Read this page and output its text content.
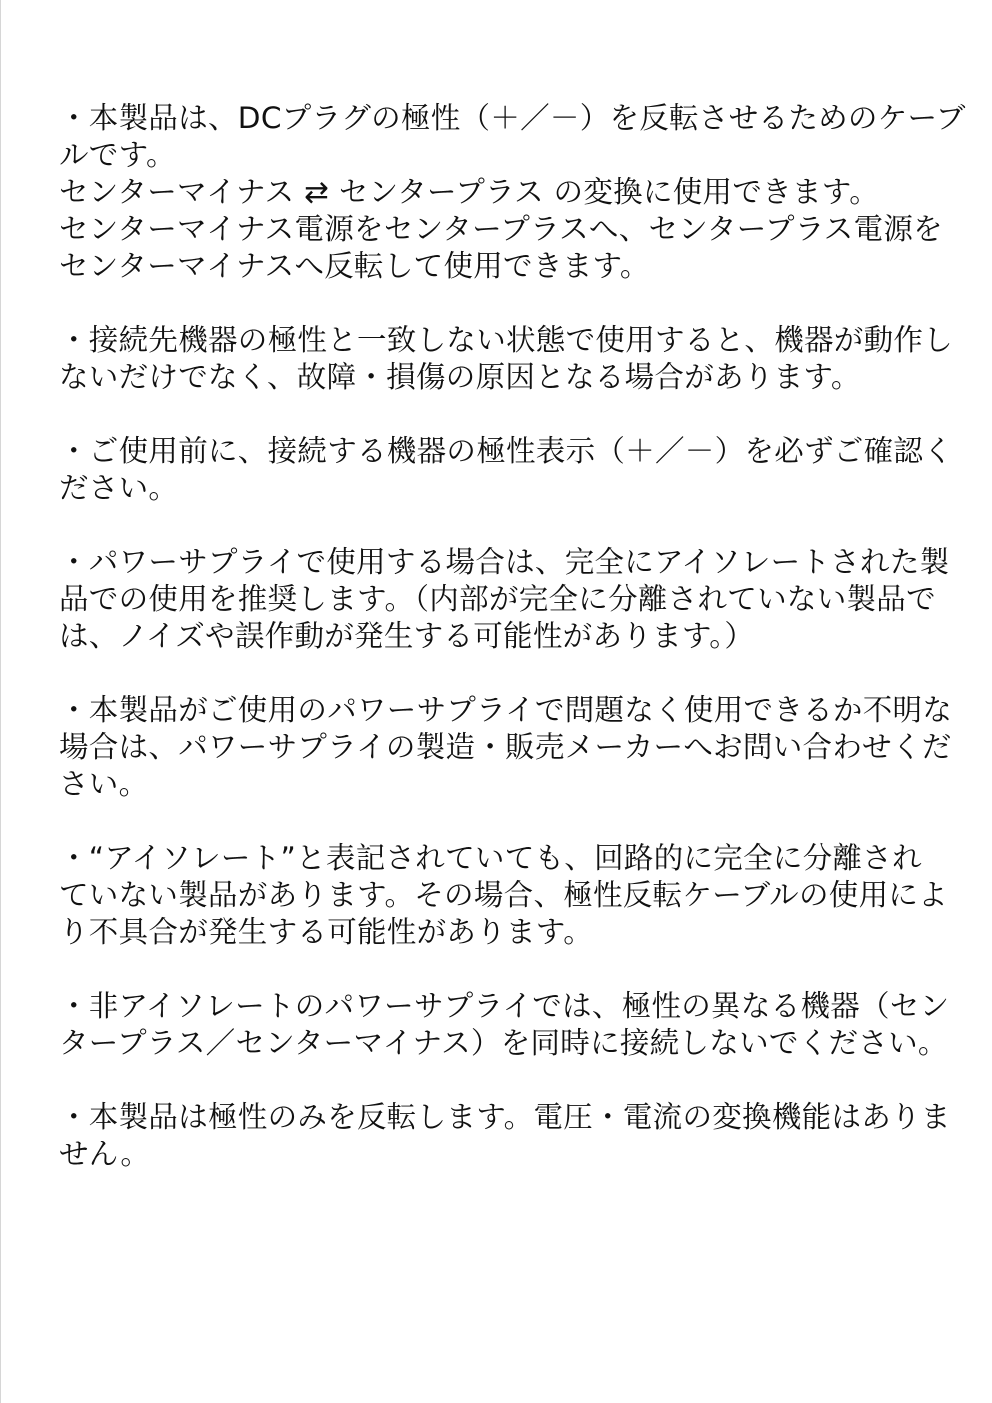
・本製品は、DCプラグの極性（＋／－）を反転させるためのケーブ
ルです。
センターマイナス ⇄ センタープラス の変換に使用できます。
センターマイナス電源をセンタープラスへ、センタープラス電源を
センターマイナスへ反転して使用できます。
・接続先機器の極性と一致しない状態で使用すると、機器が動作し
ないだけでなく、故障・損傷の原因となる場合があります。
・ご使用前に、接続する機器の極性表示（＋／－）を必ずご確認く
ださい。
・パワーサプライで使用する場合は、完全にアイソレートされた製
品での使用を推奨します。（内部が完全に分離されていない製品で
は、ノイズや誤作動が発生する可能性があります。）
・本製品がご使用のパワーサプライで問題なく使用できるか不明な
場合は、パワーサプライの製造・販売メーカーへお問い合わせくだ
さい。
・“アイソレート”と表記されていても、回路的に完全に分離され
ていない製品があります。その場合、極性反転ケーブルの使用によ
り不具合が発生する可能性があります。
・非アイソレートのパワーサプライでは、極性の異なる機器（セン
タープラス／センターマイナス）を同時に接続しないでください。
・本製品は極性のみを反転します。電圧・電流の変換機能はありま
せん。
